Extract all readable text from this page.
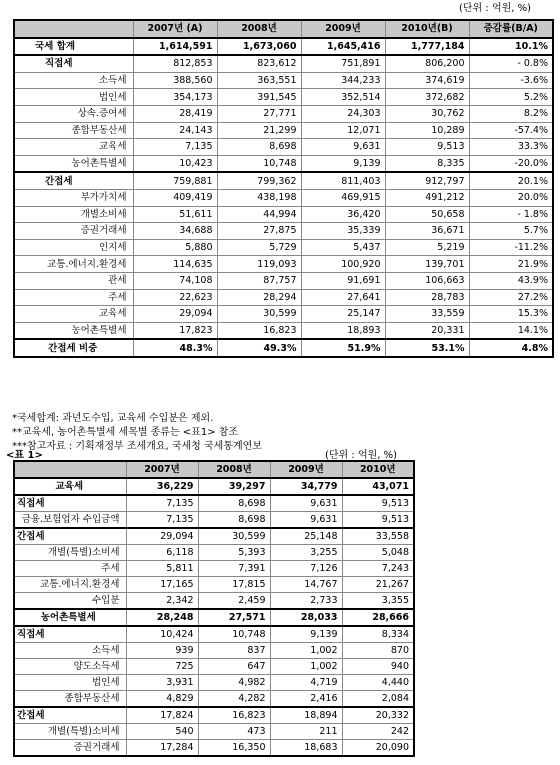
(단위 : 억원, %)
	2007년 (A)	2008년	2009년	2010년(B)	증감률(B/A)
국세 합계	1,614,591	1,673,060	1,645,416	1,777,184	10.1%
직접세	812,853	823,612	751,891	806,200	- 0.8%
소득세	388,560	363,551	344,233	374,619	-3.6%
법인세	354,173	391,545	352,514	372,682	5.2%
상속.증여세	28,419	27,771	24,303	30,762	8.2%
종합부동산세	24,143	21,299	12,071	10,289	-57.4%
교육세	7,135	8,698	9,631	9,513	33.3%
농어촌특별세	10,423	10,748	9,139	8,335	-20.0%
간접세	759,881	799,362	811,403	912,797	20.1%
부가가치세	409,419	438,198	469,915	491,212	20.0%
개별소비세	51,611	44,994	36,420	50,658	- 1.8%
증권거래세	34,688	27,875	35,339	36,671	5.7%
인지세	5,880	5,729	5,437	5,219	-11.2%
교통.에너지.환경세	114,635	119,093	100,920	139,701	21.9%
관세	74,108	87,757	91,691	106,663	43.9%
주세	22,623	28,294	27,641	28,783	27.2%
교육세	29,094	30,599	25,147	33,559	15.3%
농어촌특별세	17,823	16,823	18,893	20,331	14.1%
간접세 비중	48.3%	49.3%	51.9%	53.1%	4.8%
*국세합계: 과년도수입, 교육세 수입분은 제외.
**교육세, 농어촌특별세 세목별 종류는 <표1> 참조
***참고자료 : 기획재정부 조세개요, 국세청 국세통계연보
<표 1>	(단위 : 억원, %)
	2007년	2008년	2009년	2010년
교육세	36,229	39,297	34,779	43,071
직접세	7,135	8,698	9,631	9,513
금융.보험업자 수입금액	7,135	8,698	9,631	9,513
간접세	29,094	30,599	25,148	33,558
개별(특별)소비세	6,118	5,393	3,255	5,048
주세	5,811	7,391	7,126	7,243
교통.에너지.환경세	17,165	17,815	14,767	21,267
수입분	2,342	2,459	2,733	3,355
농어촌특별세	28,248	27,571	28,033	28,666
직접세	10,424	10,748	9,139	8,334
소득세	939	837	1,002	870
양도소득세	725	647	1,002	940
법인세	3,931	4,982	4,719	4,440
종합부동산세	4,829	4,282	2,416	2,084
간접세	17,824	16,823	18,894	20,332
개별(특별)소비세	540	473	211	242
증권거래세	17,284	16,350	18,683	20,090
